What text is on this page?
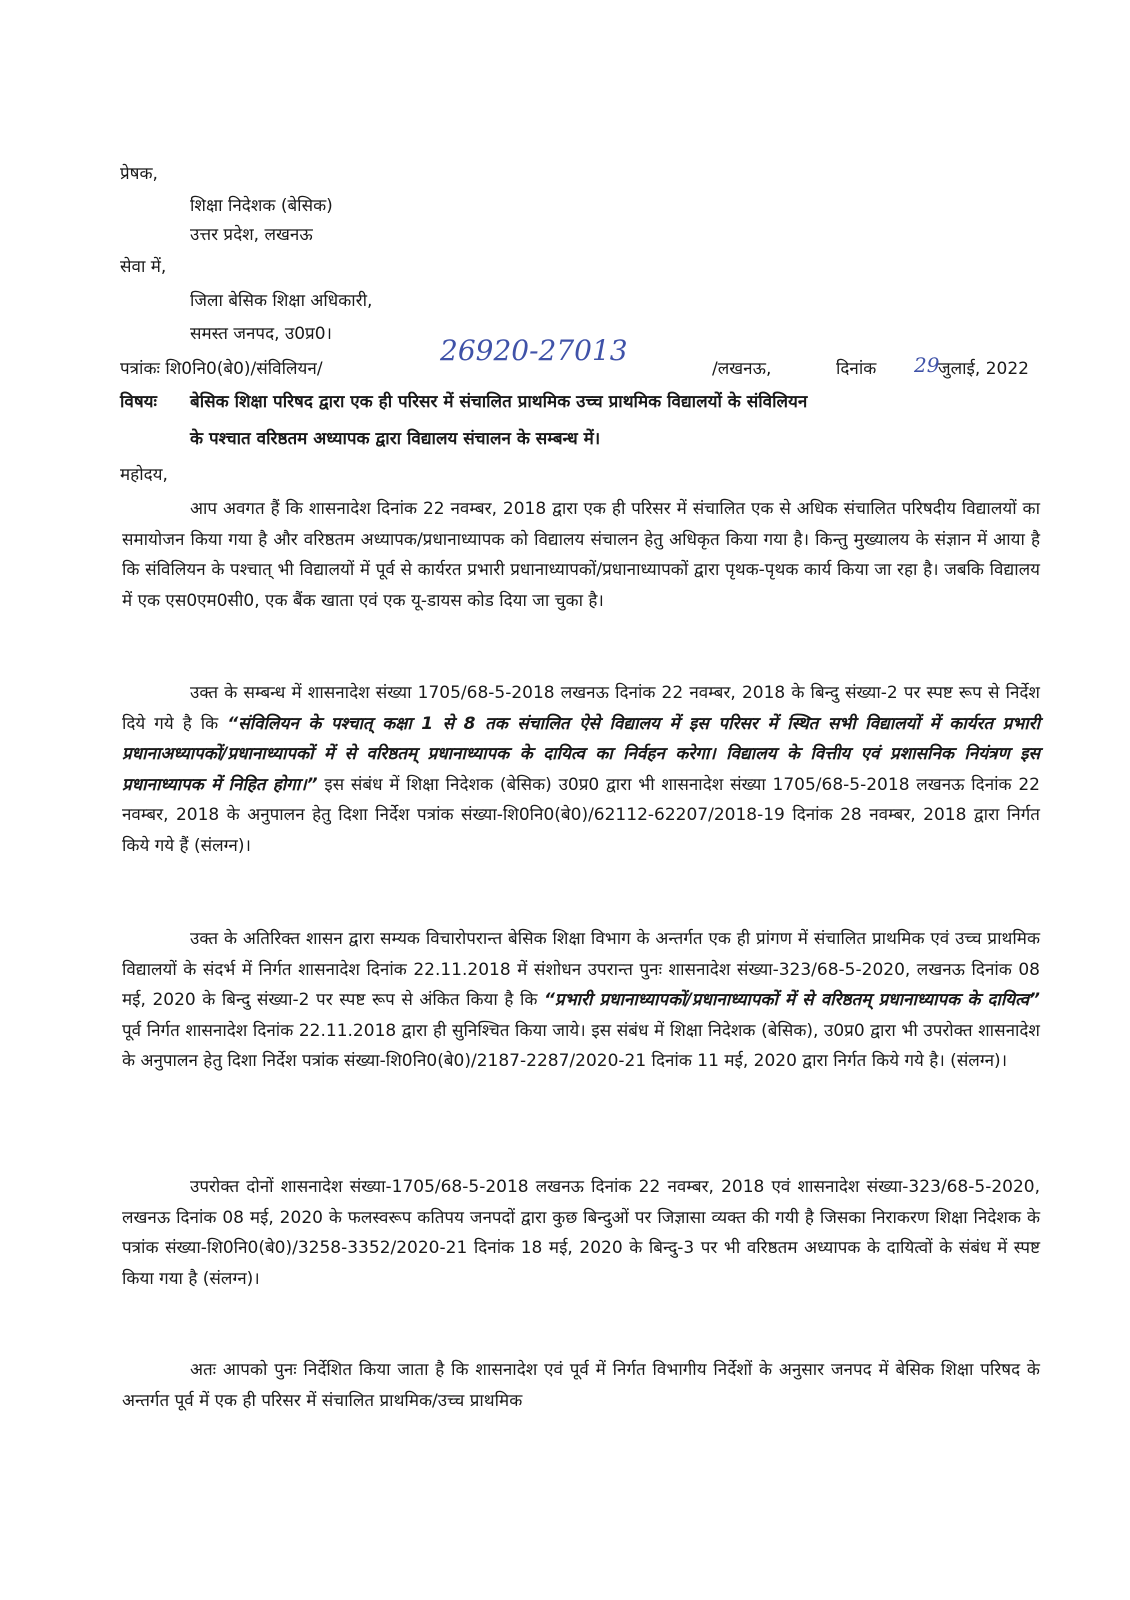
प्रेषक,
शिक्षा निदेशक (बेसिक)
उत्तर प्रदेश, लखनऊ
सेवा में,
जिला बेसिक शिक्षा अधिकारी,
समस्त जनपद, उ0प्र0।
पत्रांकः शि0नि0(बे0)/संविलियन/
26920-27013
/लखनऊ,	दिनांक 29
जुलाई, 2022
विषयः बेसिक शिक्षा परिषद द्वारा एक ही परिसर में संचालित प्राथमिक उच्च प्राथमिक विद्यालयों के संविलियन
के पश्चात वरिष्ठतम अध्यापक द्वारा विद्यालय संचालन के सम्बन्ध में।
महोदय,
आप अवगत हैं कि शासनादेश दिनांक 22 नवम्बर, 2018 द्वारा एक ही परिसर में संचालित एक से अधिक संचालित परिषदीय विद्यालयों का समायोजन किया गया है और वरिष्ठतम अध्यापक/प्रधानाध्यापक को विद्यालय संचालन हेतु अधिकृत किया गया है। किन्तु मुख्यालय के संज्ञान में आया है कि संविलियन के पश्चात् भी विद्यालयों में पूर्व से कार्यरत प्रभारी प्रधानाध्यापकों/प्रधानाध्यापकों द्वारा पृथक-पृथक कार्य किया जा रहा है। जबकि विद्यालय में एक एस0एम0सी0, एक बैंक खाता एवं एक यू-डायस कोड दिया जा चुका है।
उक्त के सम्बन्ध में शासनादेश संख्या 1705/68-5-2018 लखनऊ दिनांक 22 नवम्बर, 2018 के बिन्दु संख्या-2 पर स्पष्ट रूप से निर्देश दिये गये है कि “संविलियन के पश्चात् कक्षा 1 से 8 तक संचालित ऐसे विद्यालय में इस परिसर में स्थित सभी विद्यालयों में कार्यरत प्रभारी प्रधानाअध्यापकों/प्रधानाध्यापकों में से वरिष्ठतम् प्रधानाध्यापक के दायित्व का निर्वहन करेगा। विद्यालय के वित्तीय एवं प्रशासनिक नियंत्रण इस प्रधानाध्यापक में निहित होगा।” इस संबंध में शिक्षा निदेशक (बेसिक) उ0प्र0 द्वारा भी शासनादेश संख्या 1705/68-5-2018 लखनऊ दिनांक 22 नवम्बर, 2018 के अनुपालन हेतु दिशा निर्देश पत्रांक संख्या-शि0नि0(बे0)/62112-62207/2018-19 दिनांक 28 नवम्बर, 2018 द्वारा निर्गत किये गये हैं (संलग्न)।
उक्त के अतिरिक्त शासन द्वारा सम्यक विचारोपरान्त बेसिक शिक्षा विभाग के अन्तर्गत एक ही प्रांगण में संचालित प्राथमिक एवं उच्च प्राथमिक विद्यालयों के संदर्भ में निर्गत शासनादेश दिनांक 22.11.2018 में संशोधन उपरान्त पुनः शासनादेश संख्या-323/68-5-2020, लखनऊ दिनांक 08 मई, 2020 के बिन्दु संख्या-2 पर स्पष्ट रूप से अंकित किया है कि “प्रभारी प्रधानाध्यापकों/प्रधानाध्यापकों में से वरिष्ठतम् प्रधानाध्यापक के दायित्व” पूर्व निर्गत शासनादेश दिनांक 22.11.2018 द्वारा ही सुनिश्चित किया जाये। इस संबंध में शिक्षा निदेशक (बेसिक), उ0प्र0 द्वारा भी उपरोक्त शासनादेश के अनुपालन हेतु दिशा निर्देश पत्रांक संख्या-शि0नि0(बे0)/2187-2287/2020-21 दिनांक 11 मई, 2020 द्वारा निर्गत किये गये है। (संलग्न)।
उपरोक्त दोनों शासनादेश संख्या-1705/68-5-2018 लखनऊ दिनांक 22 नवम्बर, 2018 एवं शासनादेश संख्या-323/68-5-2020, लखनऊ दिनांक 08 मई, 2020 के फलस्वरूप कतिपय जनपदों द्वारा कुछ बिन्दुओं पर जिज्ञासा व्यक्त की गयी है जिसका निराकरण शिक्षा निदेशक के पत्रांक संख्या-शि0नि0(बे0)/3258-3352/2020-21 दिनांक 18 मई, 2020 के बिन्दु-3 पर भी वरिष्ठतम अध्यापक के दायित्वों के संबंध में स्पष्ट किया गया है (संलग्न)।
अतः आपको पुनः निर्देशित किया जाता है कि शासनादेश एवं पूर्व में निर्गत विभागीय निर्देशों के अनुसार जनपद में बेसिक शिक्षा परिषद के अन्तर्गत पूर्व में एक ही परिसर में संचालित प्राथमिक/उच्च प्राथमिक
